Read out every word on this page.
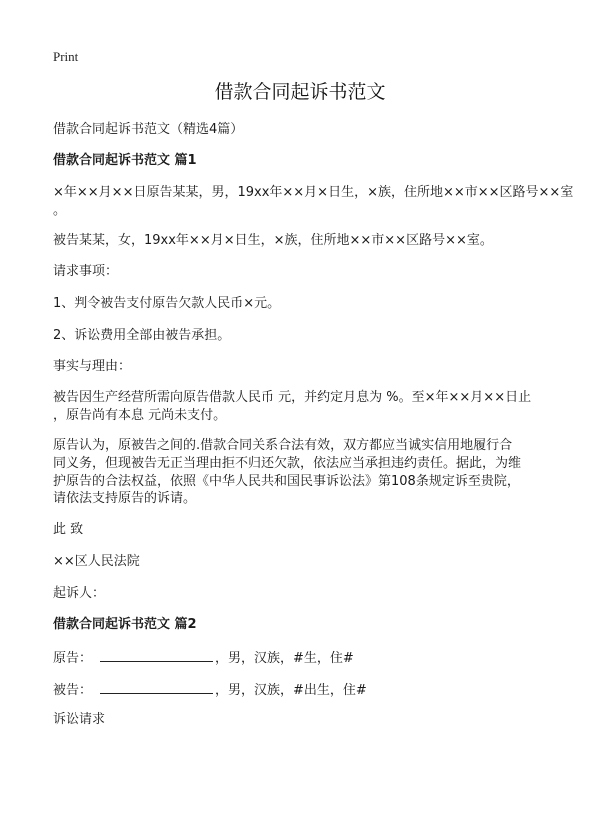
Print
借款合同起诉书范文
借款合同起诉书范文（精选4篇）
借款合同起诉书范文 篇1
×年××月××日原告某某，男，19xx年××月×日生，×族，住所地××市××区路号××室
。
被告某某，女，19xx年××月×日生，×族，住所地××市××区路号××室。
请求事项：
1、判令被告支付原告欠款人民币×元。
2、诉讼费用全部由被告承担。
事实与理由：
被告因生产经营所需向原告借款人民币 元，并约定月息为 %。至×年××月××日止
，原告尚有本息 元尚未支付。
原告认为，原被告之间的.借款合同关系合法有效，双方都应当诚实信用地履行合
同义务，但现被告无正当理由拒不归还欠款，依法应当承担违约责任。据此，为维
护原告的合法权益，依照《中华人民共和国民事诉讼法》第108条规定诉至贵院，
请依法支持原告的诉请。
此 致
××区人民法院
起诉人：
借款合同起诉书范文 篇2
原告：	，男，汉族，#生，住#
被告：	，男，汉族，#出生，住#
诉讼请求
